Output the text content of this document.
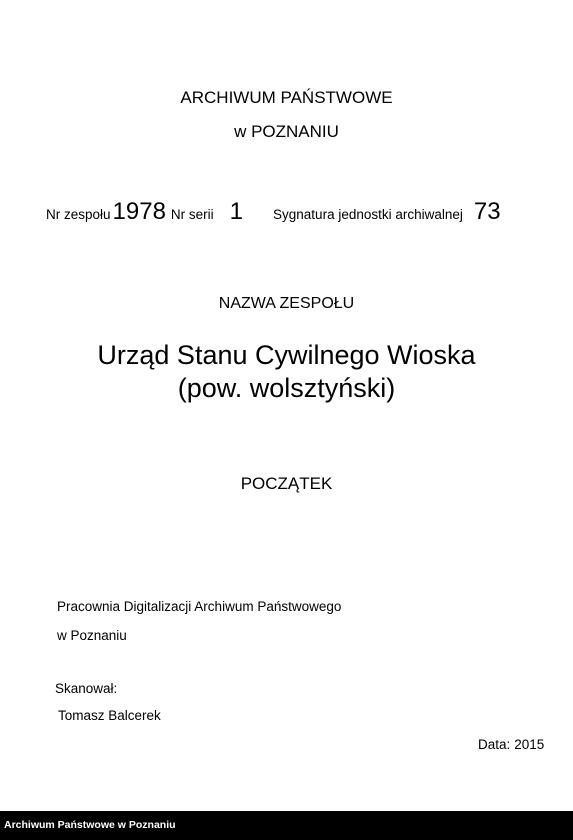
ARCHIWUM PAŃSTWOWE
w POZNANIU
Nr zespołu 1978 Nr serii 1 Sygnatura jednostki archiwalnej 73
NAZWA ZESPOŁU
Urząd Stanu Cywilnego Wioska
(pow. wolsztyński)
POCZĄTEK
Pracownia Digitalizacji Archiwum Państwowego
w Poznaniu
Skanował:
Tomasz Balcerek
Data: 2015
Archiwum Państwowe w Poznaniu
